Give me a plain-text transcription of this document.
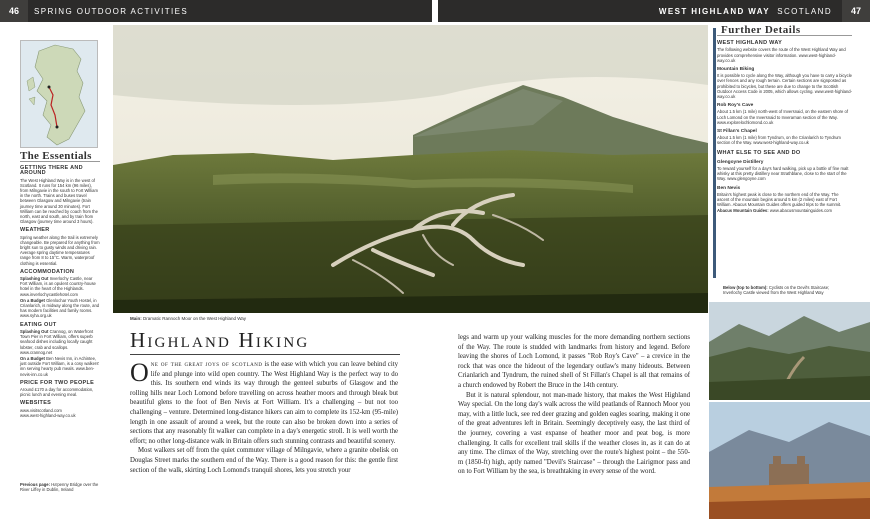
46	SPRING OUTDOOR ACTIVITIES	WEST HIGHLAND WAY SCOTLAND	47
The Essentials
GETTING THERE AND AROUND
The West Highland Way is in the west of Scotland. It runs for 154 km (96 miles), from Milngavie in the south to Fort William in the north. Trains and buses travel between Glasgow and Milngavie (train journey time around 30 minutes). Fort William can be reached by coach from the north, east and south, and by train from Glasgow (journey time around 3 hours).
WEATHER
Spring weather along the trail is extremely changeable. Be prepared for anything from bright sun to gusty winds and driving rain. Average spring daytime temperatures range from 8 to 15°C. Warm, waterproof clothing is essential.
ACCOMMODATION
Splashing Out Inverlochy Castle, near Fort William, is an opulent country-house hotel in the heart of the Highlands. www.inverlochycastlehotel.com
On a Budget Glenlochar Youth Hostel, in Crianlarich, is midway along the route, and has modern facilities and family rooms. www.syha.org.uk
EATING OUT
Splashing Out Crannog, on Waterfront Town Pier in Fort William, offers superb seafood dishes including locally caught lobster, crab and scallops. www.crannog.net
On a Budget Ben Nevis Inn, in Achintee, just outside Fort William, is a cosy walkers' inn serving hearty pub meals. www.ben-nevis-inn.co.uk
PRICE FOR TWO PEOPLE
Around £170 a day for accommodation, picnic lunch and evening meal.
WEBSITES
www.visitscotland.com
www.west-highland-way.co.uk
Previous page: Ha'penny Bridge over the River Liffey in Dublin, Ireland
Main: Dramatic Rannoch Moor on the West Highland Way
Highland Hiking

One of the great joys of scotland is the ease with which you can leave behind city life and plunge into wild open country. The West Highland Way is the perfect way to do this. Its southern end winds its way through the genteel suburbs of Glasgow and the rolling hills near Loch Lomond before travelling on across heather moors and through bleak but beautiful glens to the foot of Ben Nevis at Fort William. It's a challenging – but not too challenging – venture. Determined long-distance hikers can aim to complete its 152-km (95-mile) length in one assault of around a week, but the route can also be broken down into a series of sections that any reasonably fit walker can complete in a day's energetic stroll. It is well worth the effort; no other long-distance walk in Britain offers such stunning contrasts and beautiful scenery.

Most walkers set off from the quiet commuter village of Milngavie, where a granite obelisk on Douglas Street marks the southern end of the Way. There is a good reason for this: the gentle first section of the walk, skirting Loch Lomond's tranquil shores, lets you stretch your

legs and warm up your walking muscles for the more demanding northern sections of the Way. The route is studded with landmarks from history and legend. Before leaving the shores of Loch Lomond, it passes "Rob Roy's Cave" – a crevice in the rock that was once the hideout of the legendary outlaw's many hideouts. Between Crianlarich and Tyndrum, the ruined shell of St Fillan's Chapel is all that remains of a church endowed by Robert the Bruce in the 14th century.

But it is natural splendour, not man-made history, that makes the West Highland Way special. On the long day's walk across the wild peatlands of Rannoch Moor you may, with a little luck, see red deer grazing and golden eagles soaring, making it one of the great adventures left in Britain. Seemingly deceptively easy, the last third of the journey, covering a vast expanse of heather moor and peat bog, is more challenging. It calls for excellent trail skills if the weather closes in, as it can do at any time. The climax of the Way, stretching over the route's highest point – the 550-m (1850-ft) high, aptly named "Devil's Staircase" – through the Lairigmor pass and on to Fort William by the sea, is breathtaking in every sense of the word.

Further Details
WEST HIGHLAND WAY
The following website covers the route of the West Highland Way and provides comprehensive visitor information. www.west-highland-way.co.uk
Mountain Biking
It is possible to cycle along the Way, although you have to carry a bicycle over fences and any rough terrain. Certain sections are signposted as prohibited to bicycles, but these are due to change to the Scottish Outdoor Access Code in 2005, which allows cycling. www.west-highland-way.co.uk
Rob Roy's Cave
About 1.5 km (1 mile) north-west of Inversnaid, on the eastern shore of Loch Lomond on the Inversnaid to Inverarnan section of the Way. www.explorelochlomond.co.uk
St Fillan's Chapel
About 1.5 km (1 mile) from Tyndrum, on the Crianlarich to Tyndrum section of the Way. www.west-highland-way.co.uk
WHAT ELSE TO SEE AND DO
Glengoyne Distillery
To reward yourself for a day's hard walking, pick up a bottle of fine malt whisky at this pretty distillery near Strathblane, close to the start of the Way. www.glengoyne.com
Ben Nevis
Britain's highest peak is close to the northern end of the Way. The ascent of the mountain begins around 5 km (2 miles) east of Fort William. Abacus Mountain Guides offers guided trips to the summit.
Abacus Mountain Guides: www.abacusmountainguides.com
Below (top to bottom): Cyclists on the Devil's Staircase; Inverlochy Castle viewed from the West Highland Way
